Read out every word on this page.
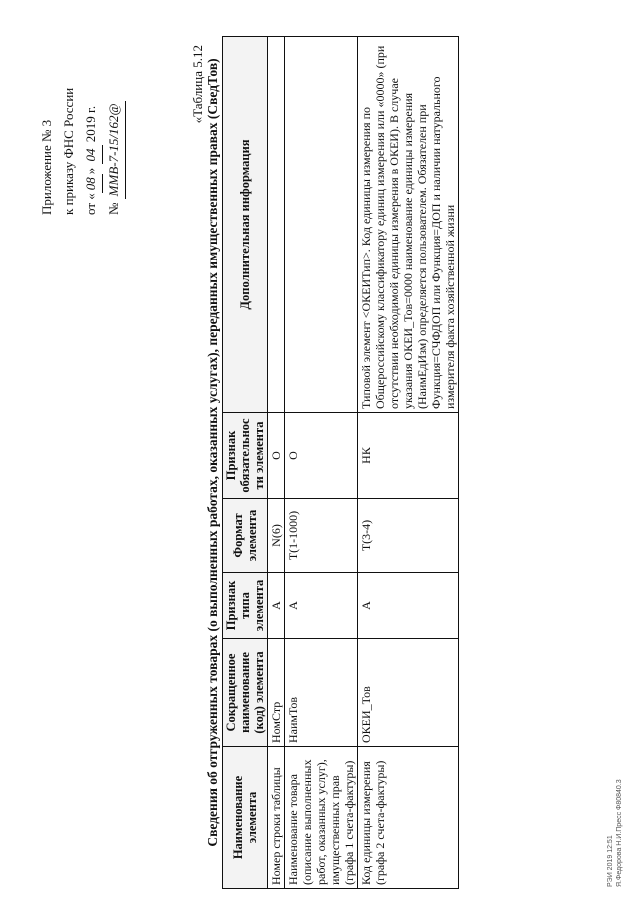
Приложение № 3 к приказу ФНС России от «08» 04 2019 г.
№ ММВ-7-15/162@
«Таблица 5.12 Сведения об отгруженных товарах (о выполненных работах, оказанных услугах), переданных имущественных правах (СведТов) Наименование элемента	Сокращенное наименование (код) элемента	Признак типа элемента	Формат элемента	Признак обязательности элемента	Дополнительная информация
Номер строки таблицы	НомСтр	А	N(6)	О	
Наименование товара (описание выполненных работ, оказанных услуг), имущественных прав (графа 1 счета-фактуры)	НаимТов	А	T(1-1000)	О	
Код единицы измерения (графа 2 счета-фактуры)	ОКЕИ_Тов	А	T(3-4)	НК	Типовой элемент <ОКЕИТип>. Код единицы измерения по Общероссийскому классификатору единиц измерения или «0000» (при отсутствии необходимой единицы измерения в ОКЕИ). В случае указания ОКЕИ_Тов=0000 наименование единицы измерения (НаимЕдИзм) определяется пользователем. Обязателен при Функция=СЧФДОП или Функция=ДОП и наличии натурального измерителя факта хозяйственной жизни
РЭИ 2019 12:51 Я.Федорова Н.И.Пресс Ф80840.3
